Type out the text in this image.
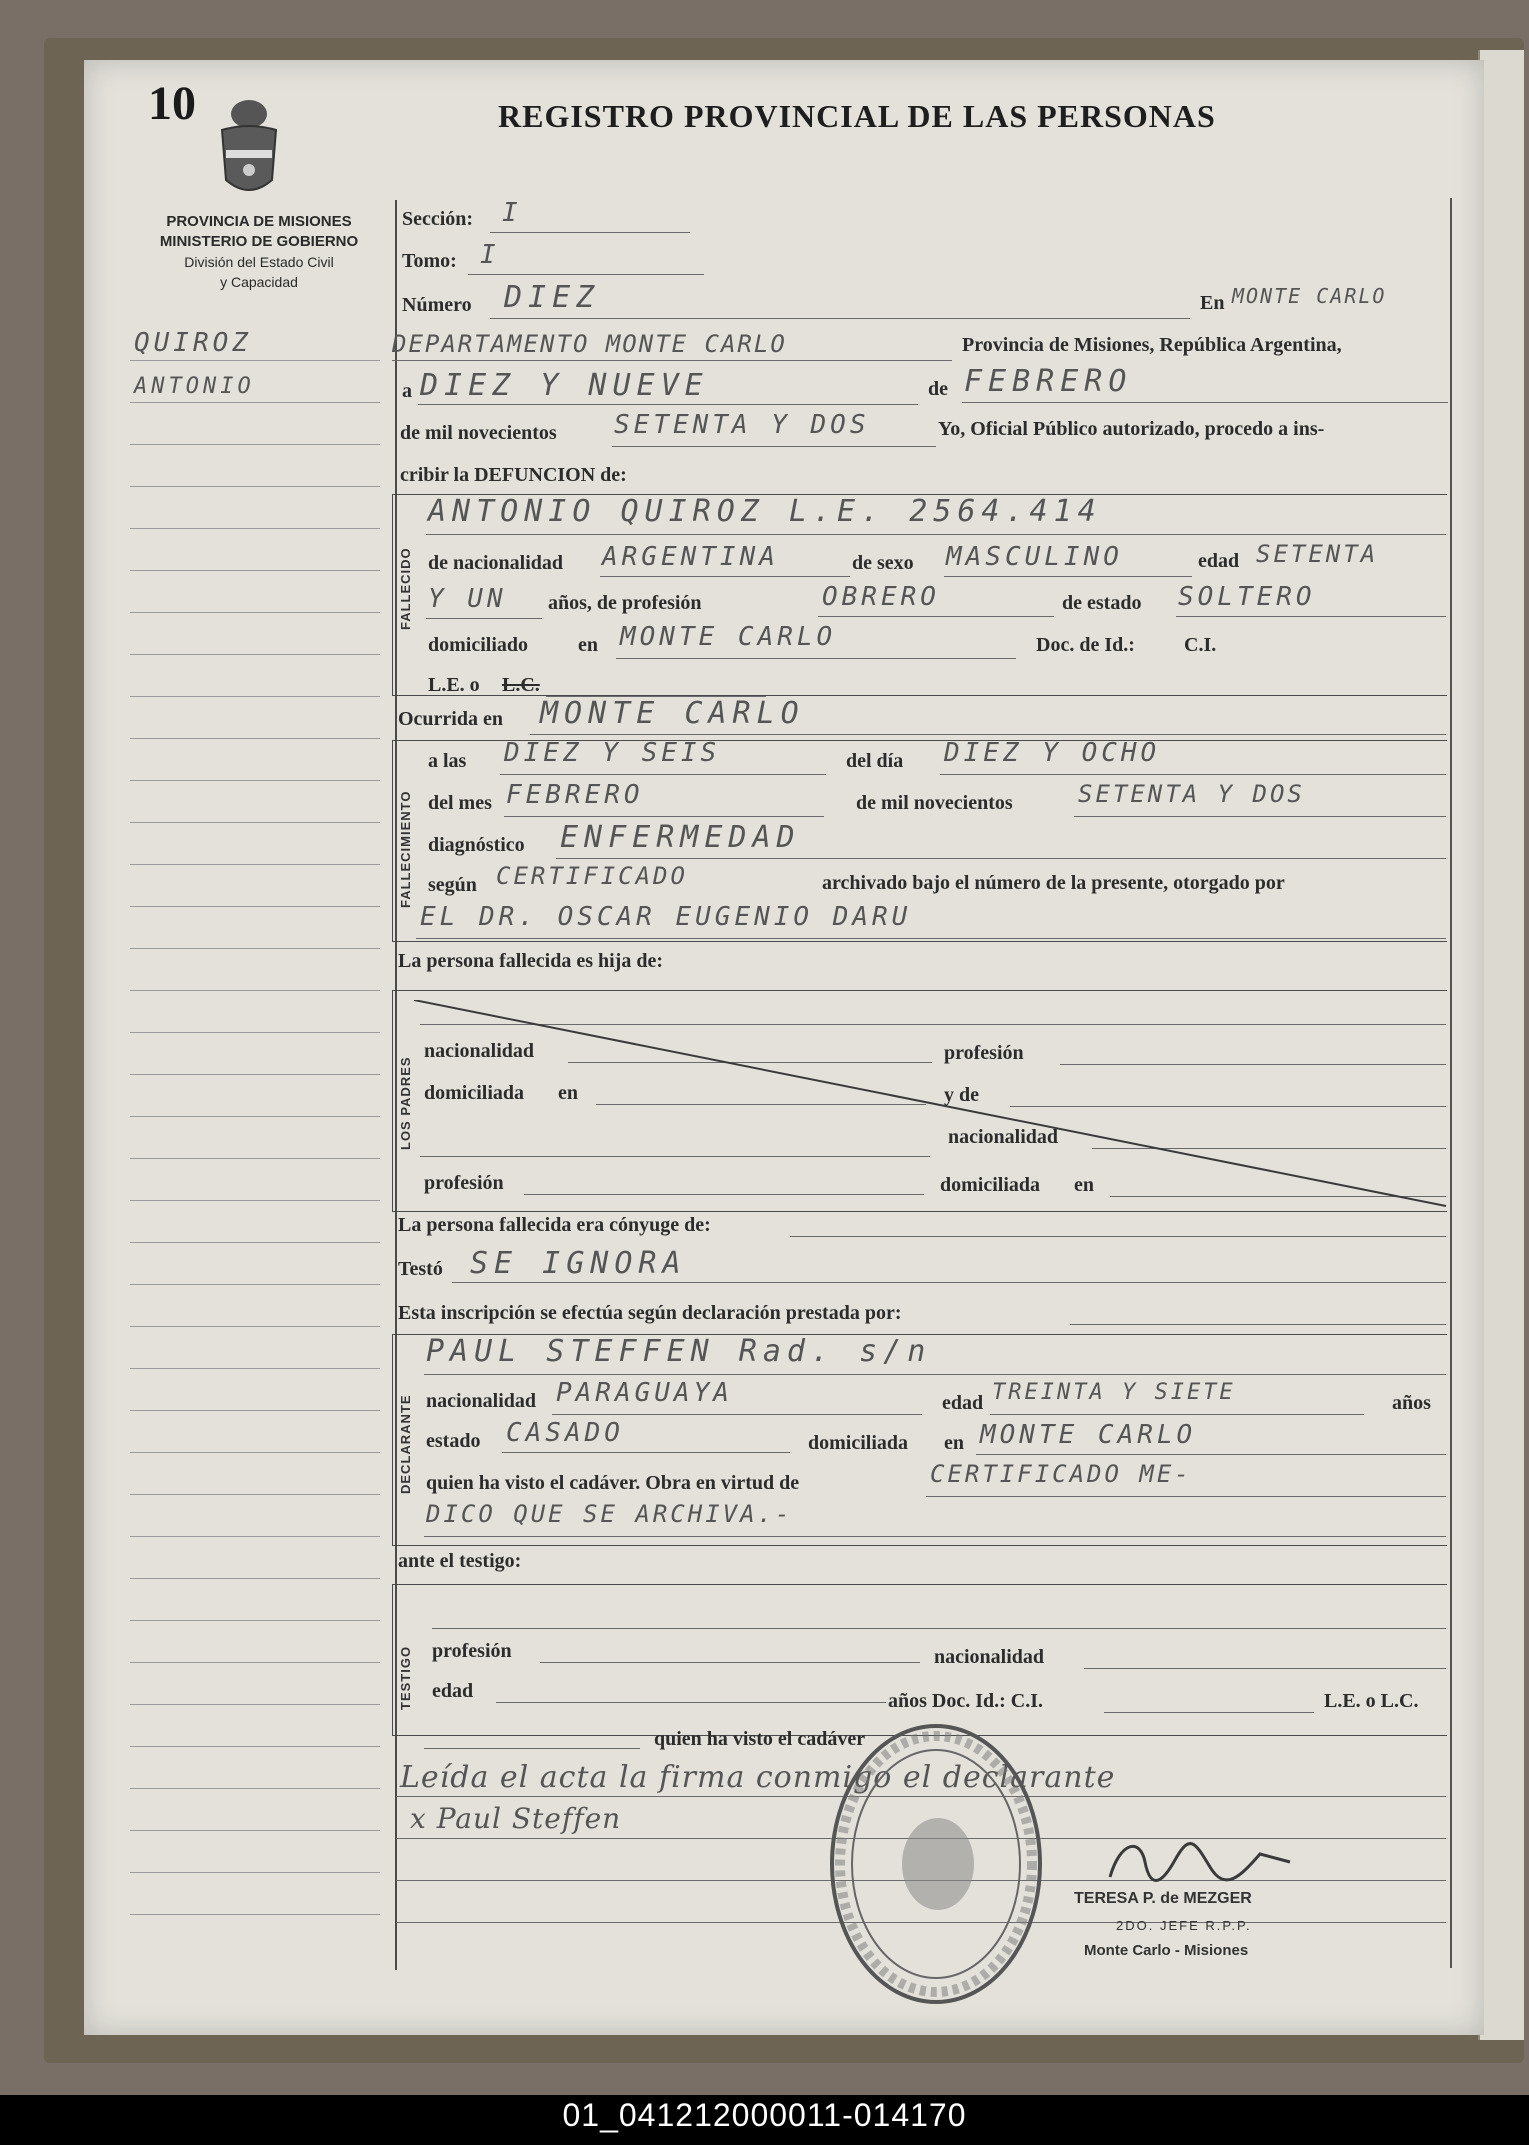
10	REGISTRO PROVINCIAL DE LAS PERSONAS
PROVINCIA DE MISIONES
MINISTERIO DE GOBIERNO
División del Estado Civil
y Capacidad
QUIROZ
ANTONIO
Sección: I
Tomo: I
Número DIEZ	En MONTE CARLO
DEPARTAMENTO MONTE CARLO	Provincia de Misiones, República Argentina,
a DIEZ Y NUEVE	de FEBRERO
de mil novecientos SETENTA Y DOS	Yo, Oficial Público autorizado, procedo a ins-
cribir la DEFUNCION de:
FALLECIDO
ANTONIO QUIROZ L.E. 2564.414
de nacionalidad ARGENTINA	de sexo MASCULINO	edad SETENTA
Y UN años, de profesión	OBRERO	de estado SOLTERO
domiciliado en MONTE CARLO	Doc. de Id.: C.I.
L.E. o L.C.
Ocurrida en MONTE CARLO
FALLECIMIENTO
a las DIEZ Y SEIS	del día DIEZ Y OCHO
del mes FEBRERO	de mil novecientos	SETENTA Y DOS
diagnóstico ENFERMEDAD
según CERTIFICADO	archivado bajo el número de la presente, otorgado por
EL DR. OSCAR EUGENIO DARU
La persona fallecida es hija de:
LOS PADRES
nacionalidad	profesión
domiciliada en	y de
nacionalidad
profesión	domiciliada en
La persona fallecida era cónyuge de:
Testó SE IGNORA
Esta inscripción se efectúa según declaración prestada por:
DECLARANTE
PAUL STEFFEN Rad. s/n
nacionalidad PARAGUAYA	edad TREINTA Y SIETE	años
estado CASADO	domiciliada en MONTE CARLO
quien ha visto el cadáver. Obra en virtud de	CERTIFICADO ME-
DICO QUE SE ARCHIVA.-
ante el testigo:
TESTIGO profesión	nacionalidad
edad	años Doc. Id.: C.I.	L.E. o L.C.
quien ha visto el cadáver
Leída el acta la firma conmigo el declarante
x Paul Steffen
TERESA P. de MEZGER
2DO. JEFE R.P.P.
Monte Carlo - Misiones
01_041212000011-014170
